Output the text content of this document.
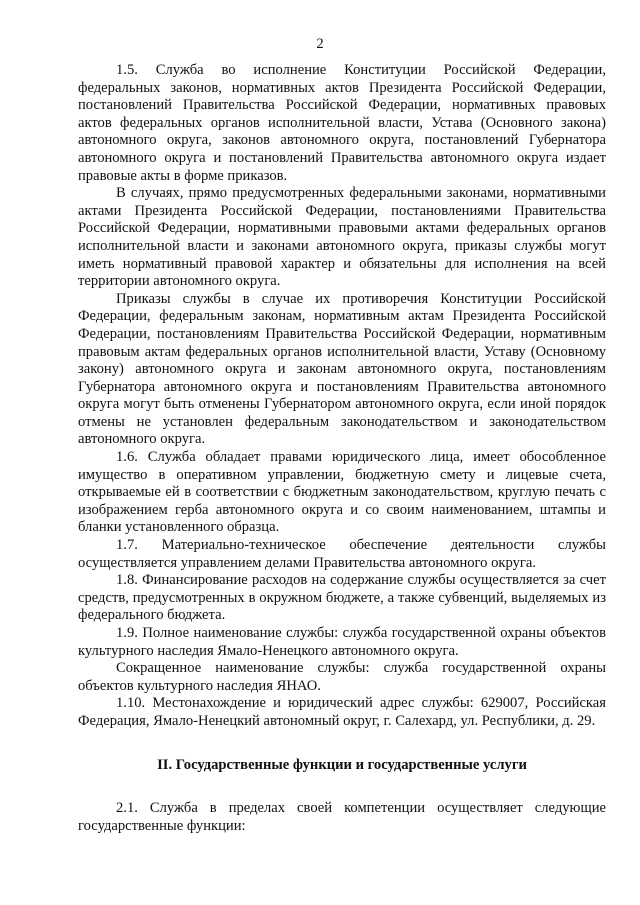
2

1.5. Служба во исполнение Конституции Российской Федерации, федеральных законов, нормативных актов Президента Российской Федерации, постановлений Правительства Российской Федерации, нормативных правовых актов федеральных органов исполнительной власти, Устава (Основного закона) автономного округа, законов автономного округа, постановлений Губернатора автономного округа и постановлений Правительства автономного округа издает правовые акты в форме приказов.

В случаях, прямо предусмотренных федеральными законами, нормативными актами Президента Российской Федерации, постановлениями Правительства Российской Федерации, нормативными правовыми актами федеральных органов исполнительной власти и законами автономного округа, приказы службы могут иметь нормативный правовой характер и обязательны для исполнения на всей территории автономного округа.

Приказы службы в случае их противоречия Конституции Российской Федерации, федеральным законам, нормативным актам Президента Российской Федерации, постановлениям Правительства Российской Федерации, нормативным правовым актам федеральных органов исполнительной власти, Уставу (Основному закону) автономного округа и законам автономного округа, постановлениям Губернатора автономного округа и постановлениям Правительства автономного округа могут быть отменены Губернатором автономного округа, если иной порядок отмены не установлен федеральным законодательством и законодательством автономного округа.

1.6. Служба обладает правами юридического лица, имеет обособленное имущество в оперативном управлении, бюджетную смету и лицевые счета, открываемые ей в соответствии с бюджетным законодательством, круглую печать с изображением герба автономного округа и со своим наименованием, штампы и бланки установленного образца.

1.7. Материально-техническое обеспечение деятельности службы осуществляется управлением делами Правительства автономного округа.

1.8. Финансирование расходов на содержание службы осуществляется за счет средств, предусмотренных в окружном бюджете, а также субвенций, выделяемых из федерального бюджета.

1.9. Полное наименование службы: служба государственной охраны объектов культурного наследия Ямало-Ненецкого автономного округа.

Сокращенное наименование службы: служба государственной охраны объектов культурного наследия ЯНАО.

1.10. Местонахождение и юридический адрес службы: 629007, Российская Федерация, Ямало-Ненецкий автономный округ, г. Салехард, ул. Республики, д. 29.

II. Государственные функции и государственные услуги

2.1. Служба в пределах своей компетенции осуществляет следующие государственные функции:
